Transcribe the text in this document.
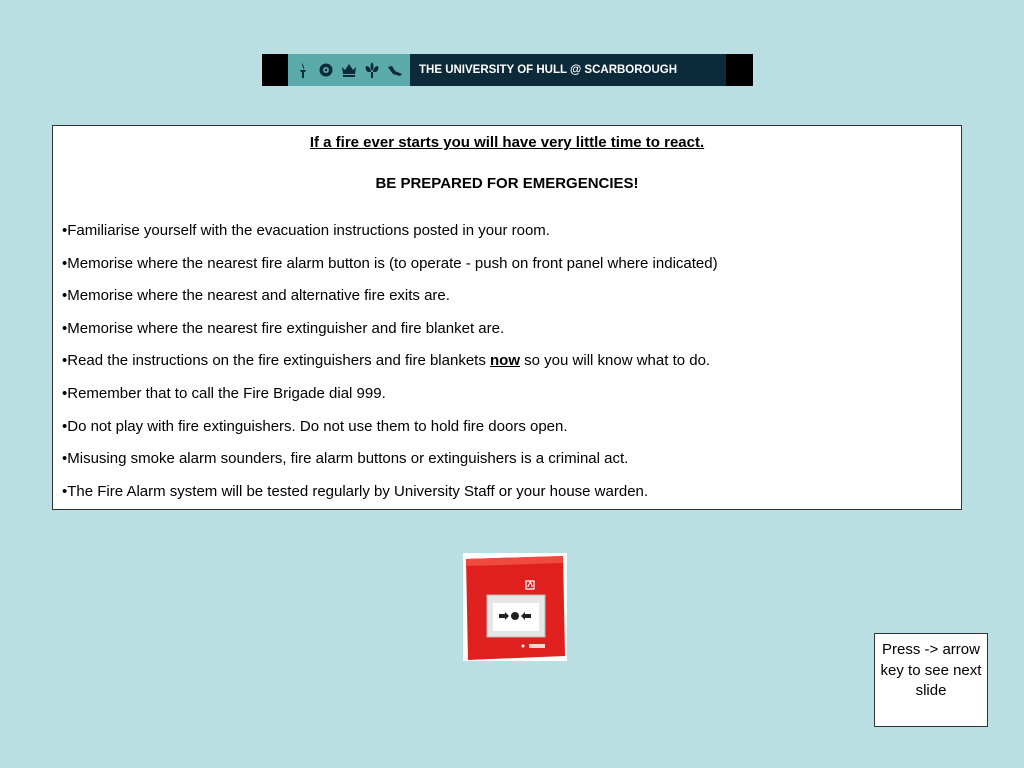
THE UNIVERSITY OF HULL @ SCARBOROUGH
If a fire ever starts you will have very little time to react.
BE PREPARED FOR EMERGENCIES!
•Familiarise yourself with the evacuation instructions posted in your room.
•Memorise where the nearest fire alarm button is (to operate - push on front panel where indicated)
•Memorise where the nearest and alternative fire exits are.
•Memorise where the nearest fire extinguisher and fire blanket are.
•Read the instructions on the fire extinguishers and fire blankets now so you will know what to do.
•Remember that to call the Fire Brigade dial 999.
•Do not play with fire extinguishers. Do not use them to hold fire doors open.
•Misusing smoke alarm sounders, fire alarm buttons or extinguishers is a criminal act.
•The Fire Alarm system will be tested regularly by University Staff or your house warden.
Press -> arrow key to see next slide
